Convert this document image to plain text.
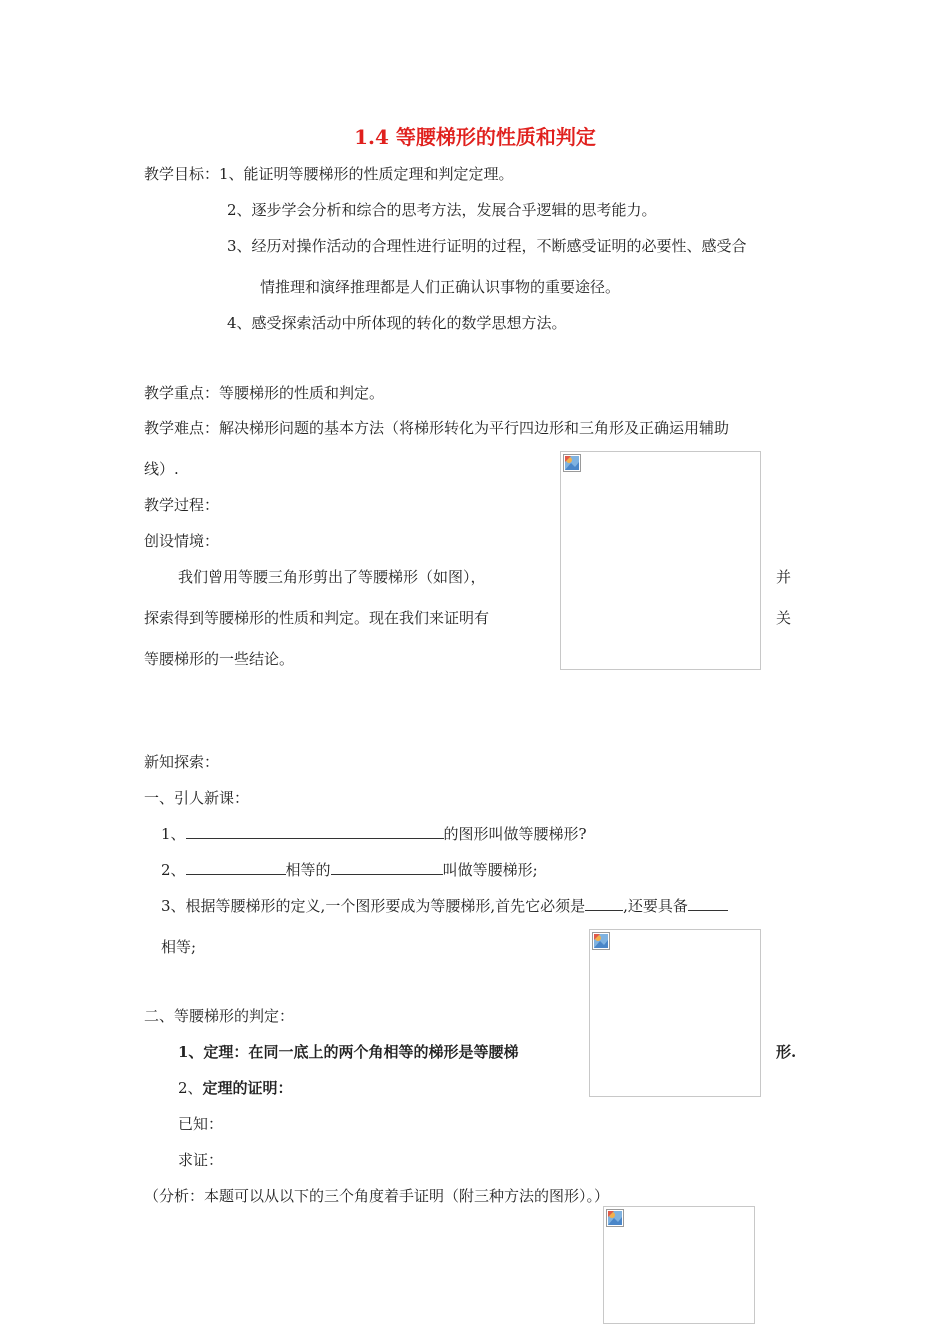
1.4 等腰梯形的性质和判定
教学目标：1、能证明等腰梯形的性质定理和判定定理。
2、逐步学会分析和综合的思考方法，发展合乎逻辑的思考能力。
3、经历对操作活动的合理性进行证明的过程，不断感受证明的必要性、感受合
情推理和演绎推理都是人们正确认识事物的重要途径。
4、感受探索活动中所体现的转化的数学思想方法。
教学重点：等腰梯形的性质和判定。
教学难点：解决梯形问题的基本方法（将梯形转化为平行四边形和三角形及正确运用辅助
线）.
教学过程：
创设情境：
我们曾用等腰三角形剪出了等腰梯形（如图），	并
探索得到等腰梯形的性质和判定。现在我们来证明有	关
等腰梯形的一些结论。
新知探索：
一、引人新课：
1、	的图形叫做等腰梯形?
2、	相等的	叫做等腰梯形;
3、根据等腰梯形的定义,一个图形要成为等腰梯形,首先它必须是	,还要具备
相等;
二、等腰梯形的判定：
1、定理：在同一底上的两个角相等的梯形是等腰梯	形.
2、定理的证明：
已知：
求证：
（分析：本题可以从以下的三个角度着手证明（附三种方法的图形）。）
